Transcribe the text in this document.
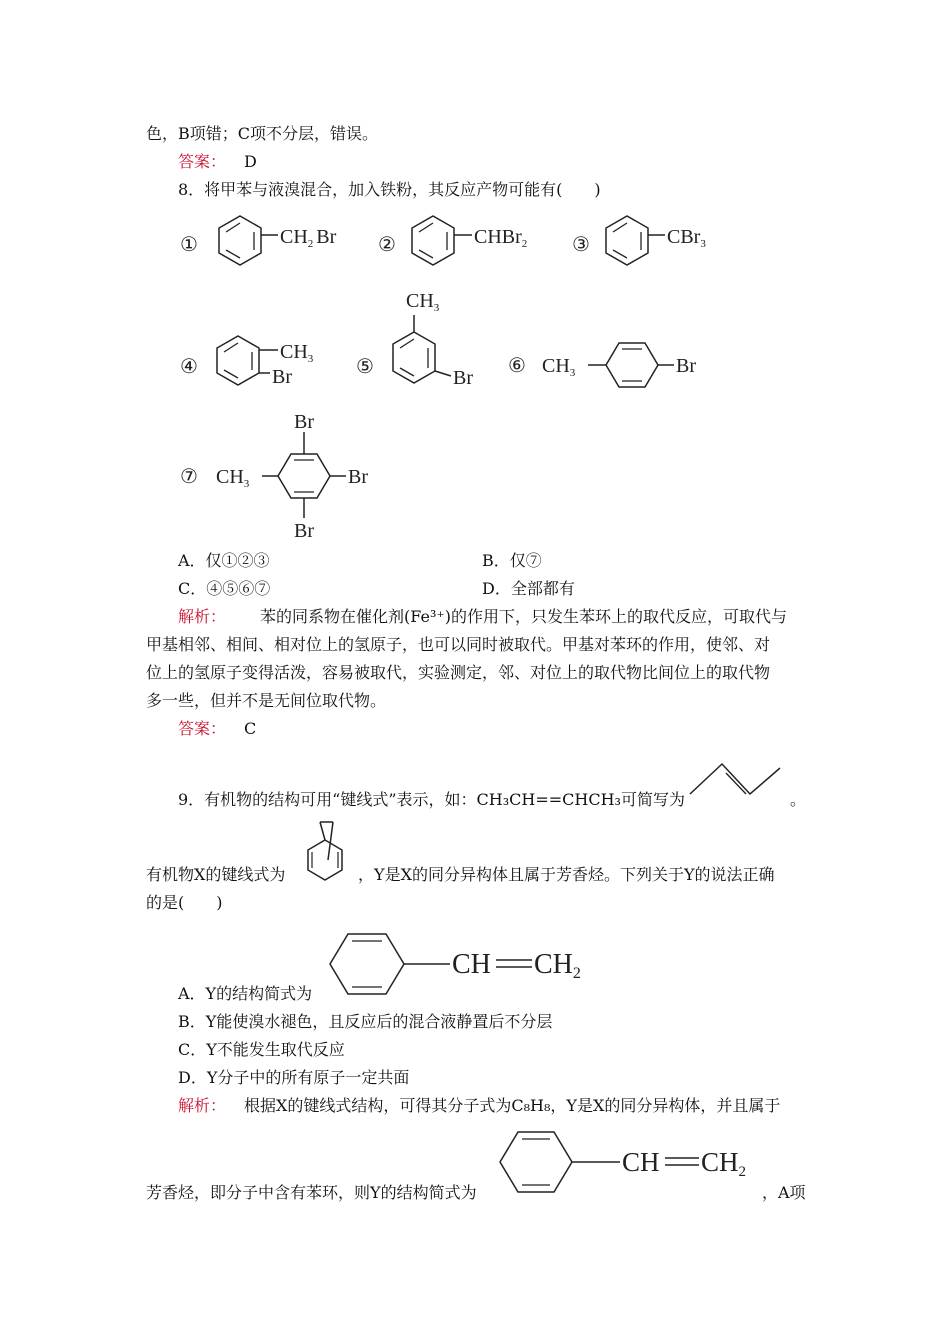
色，B项错；C项不分层，错误。
答案： D
8．将甲苯与液溴混合，加入铁粉，其反应产物可能有(　　)
①	$CH_2$ Br ②	CHBr$_2$ ③	CBr$_3$
④
$CH_3$
Br	⑤
$CH_3$
Br
⑥ $CH_3$	Br
⑦ $CH_3$
Br
Br
Br
A．仅①②③	B．仅⑦
C．④⑤⑥⑦	D．全部都有
解析： 苯的同系物在催化剂(Fe³⁺)的作用下，只发生苯环上的取代反应，可取代与
甲基相邻、相间、相对位上的氢原子，也可以同时被取代。甲基对苯环的作用，使邻、对
位上的氢原子变得活泼，容易被取代，实验测定，邻、对位上的取代物比间位上的取代物
多一些，但并不是无间位取代物。
答案： C
9．有机物的结构可用“键线式”表示，如：CH₃CH==CHCH₃可简写为	。
有机物X的键线式为	，Y是X的同分异构体且属于芳香烃。下列关于Y的说法正确
的是(　　)
CH CH2
A．Y的结构简式为
B．Y能使溴水褪色，且反应后的混合液静置后不分层
C．Y不能发生取代反应
D．Y分子中的所有原子一定共面
解析： 根据X的键线式结构，可得其分子式为C₈H₈，Y是X的同分异构体，并且属于
CH CH2
芳香烃，即分子中含有苯环，则Y的结构简式为	，A项
